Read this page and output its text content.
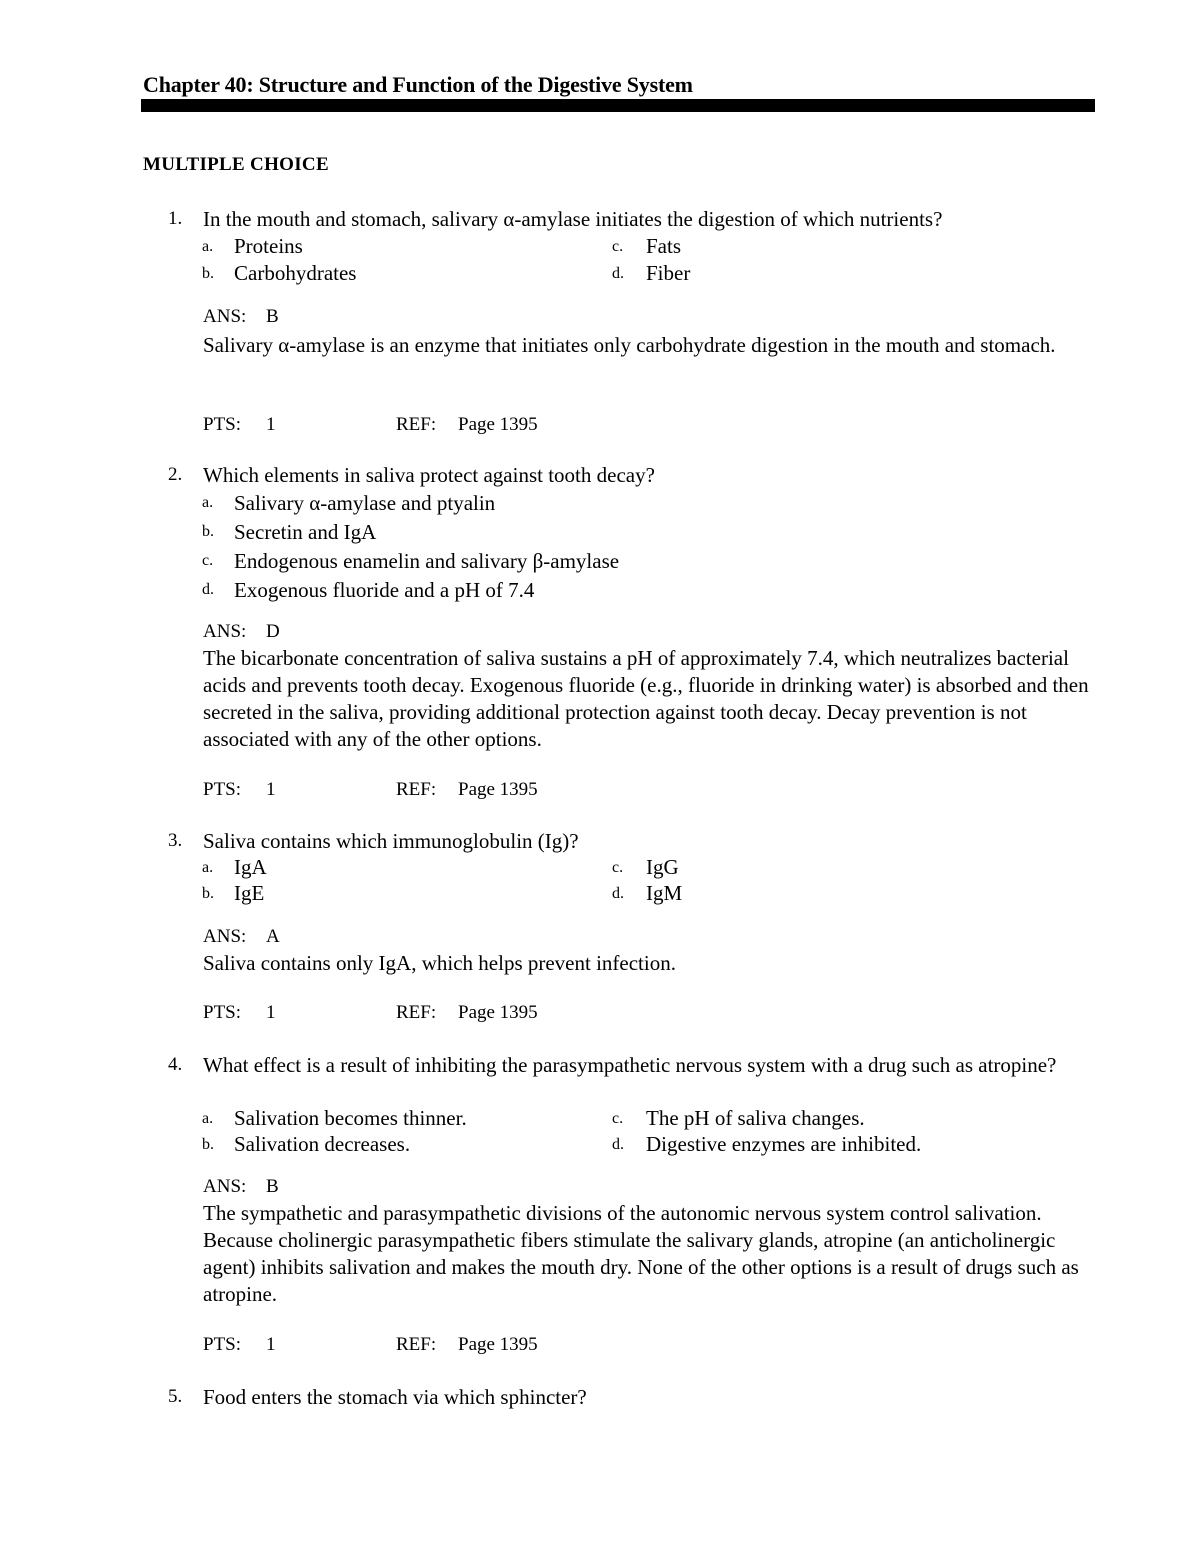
Chapter 40: Structure and Function of the Digestive System
MULTIPLE CHOICE
1. In the mouth and stomach, salivary α-amylase initiates the digestion of which nutrients?
a. Proteins
b. Carbohydrates
c. Fats
d. Fiber
ANS: B
Salivary α-amylase is an enzyme that initiates only carbohydrate digestion in the mouth and stomach.
PTS: 1	REF: Page 1395
2. Which elements in saliva protect against tooth decay?
a. Salivary α-amylase and ptyalin
b. Secretin and IgA
c. Endogenous enamelin and salivary β-amylase
d. Exogenous fluoride and a pH of 7.4
ANS: D
The bicarbonate concentration of saliva sustains a pH of approximately 7.4, which neutralizes bacterial acids and prevents tooth decay. Exogenous fluoride (e.g., fluoride in drinking water) is absorbed and then secreted in the saliva, providing additional protection against tooth decay. Decay prevention is not associated with any of the other options.
PTS: 1	REF: Page 1395
3. Saliva contains which immunoglobulin (Ig)?
a. IgA
b. IgE
c. IgG
d. IgM
ANS: A
Saliva contains only IgA, which helps prevent infection.
PTS: 1	REF: Page 1395
4. What effect is a result of inhibiting the parasympathetic nervous system with a drug such as atropine?
a. Salivation becomes thinner.
b. Salivation decreases.
c. The pH of saliva changes.
d. Digestive enzymes are inhibited.
ANS: B
The sympathetic and parasympathetic divisions of the autonomic nervous system control salivation. Because cholinergic parasympathetic fibers stimulate the salivary glands, atropine (an anticholinergic agent) inhibits salivation and makes the mouth dry. None of the other options is a result of drugs such as atropine.
PTS: 1	REF: Page 1395
5. Food enters the stomach via which sphincter?
